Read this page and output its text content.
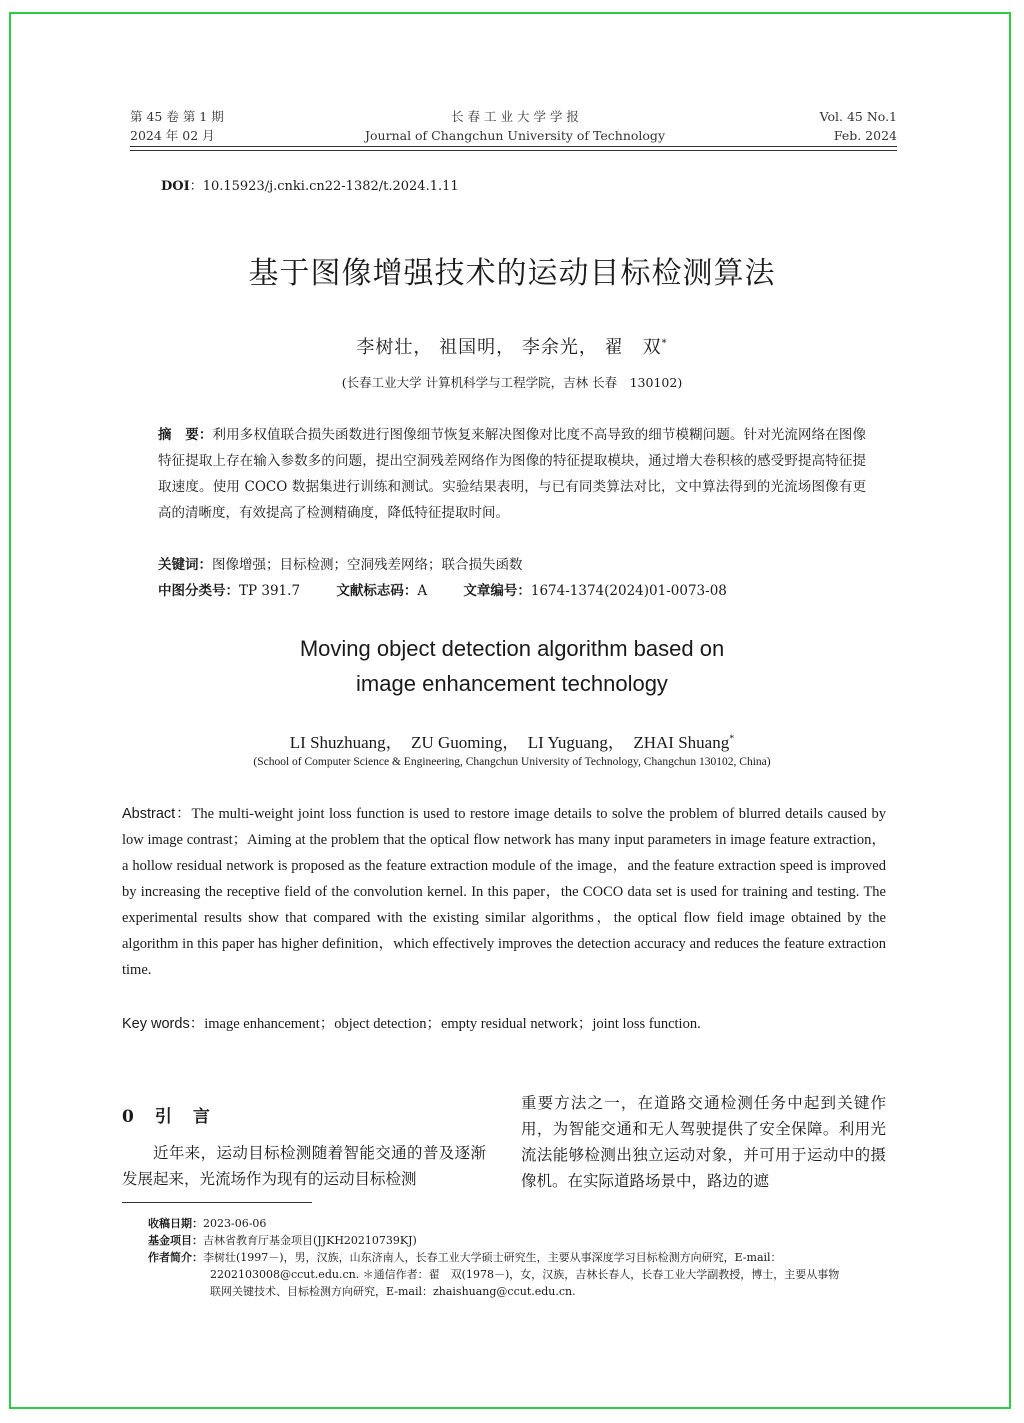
第 45 卷 第 1 期
2024 年 02 月
长 春 工 业 大 学 学 报
Journal of Changchun University of Technology
Vol. 45 No.1
Feb. 2024
DOI：10.15923/j.cnki.cn22-1382/t.2024.1.11
基于图像增强技术的运动目标检测算法
李树壮， 祖国明， 李余光， 翟　双*
(长春工业大学 计算机科学与工程学院，吉林 长春　130102)
摘　要：利用多权值联合损失函数进行图像细节恢复来解决图像对比度不高导致的细节模糊问题。针对光流网络在图像特征提取上存在输入参数多的问题，提出空洞残差网络作为图像的特征提取模块，通过增大卷积核的感受野提高特征提取速度。使用 COCO 数据集进行训练和测试。实验结果表明，与已有同类算法对比，文中算法得到的光流场图像有更高的清晰度，有效提高了检测精确度，降低特征提取时间。
关键词：图像增强；目标检测；空洞残差网络；联合损失函数
中图分类号：TP 391.7	文献标志码：A	文章编号：1674-1374(2024)01-0073-08
Moving object detection algorithm based on
image enhancement technology
LI Shuzhuang，　ZU Guoming，　LI Yuguang，　ZHAI Shuang*
(School of Computer Science & Engineering, Changchun University of Technology, Changchun 130102, China)
Abstract：The multi-weight joint loss function is used to restore image details to solve the problem of blurred details caused by low image contrast；Aiming at the problem that the optical flow network has many input parameters in image feature extraction，a hollow residual network is proposed as the feature extraction module of the image，and the feature extraction speed is improved by increasing the receptive field of the convolution kernel. In this paper，the COCO data set is used for training and testing. The experimental results show that compared with the existing similar algorithms，the optical flow field image obtained by the algorithm in this paper has higher definition，which effectively improves the detection accuracy and reduces the feature extraction time.
Key words：image enhancement；object detection；empty residual network；joint loss function.
0　引　言
近年来，运动目标检测随着智能交通的普及逐渐发展起来，光流场作为现有的运动目标检测
重要方法之一，在道路交通检测任务中起到关键作用，为智能交通和无人驾驶提供了安全保障。利用光流法能够检测出独立运动对象，并可用于运动中的摄像机。在实际道路场景中，路边的遮
收稿日期： 2023-06-06
基金项目： 吉林省教育厅基金项目(JJKH20210739KJ)
作者简介： 李树壮(1997－)，男，汉族，山东济南人，长春工业大学硕士研究生，主要从事深度学习目标检测方向研究，E-mail：
2202103008@ccut.edu.cn. ＊通信作者：翟　双(1978－)，女，汉族，吉林长春人，长春工业大学副教授，博士，主要从事物
联网关键技术、目标检测方向研究，E-mail：zhaishuang@ccut.edu.cn.
